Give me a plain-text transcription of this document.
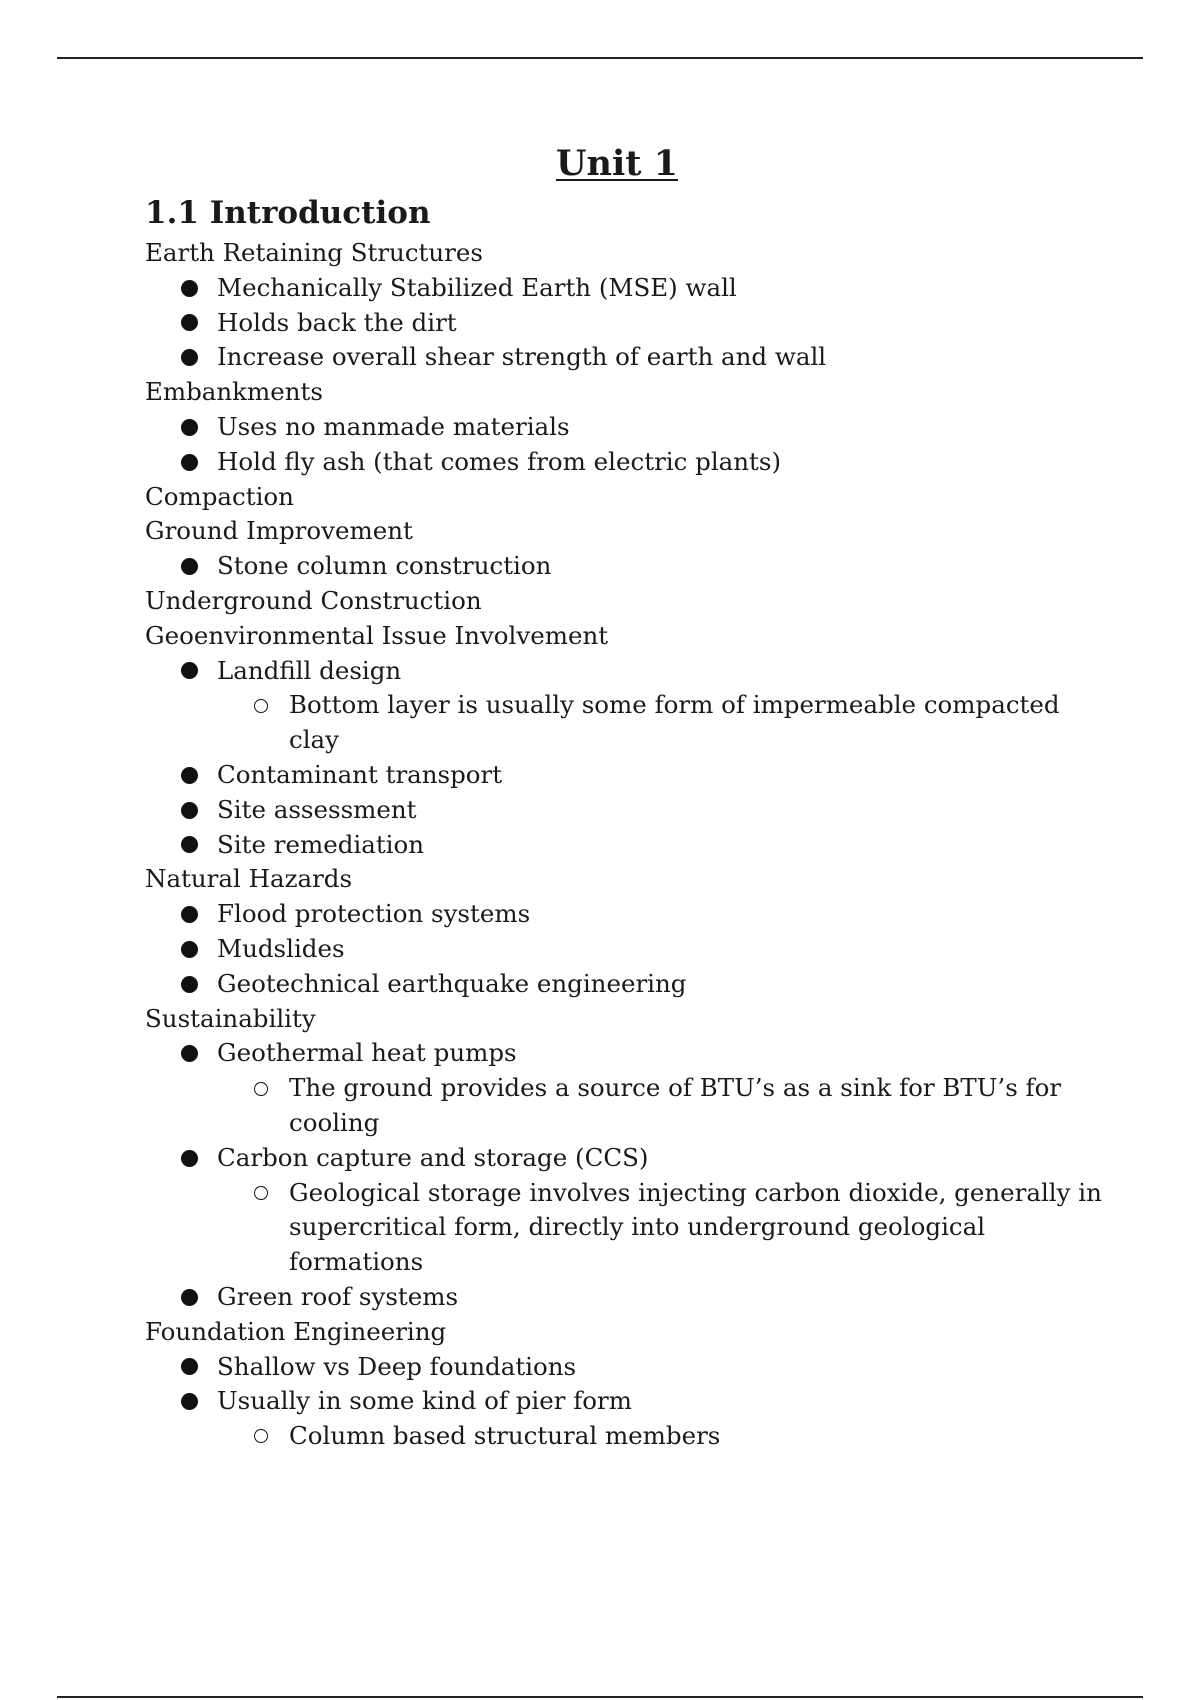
Unit 1
1.1 Introduction

Earth Retaining Structures

Mechanically Stabilized Earth (MSE) wall
Holds back the dirt
Increase overall shear strength of earth and wall

Embankments

Uses no manmade materials
Hold fly ash (that comes from electric plants)

Compaction

Ground Improvement

Stone column construction

Underground Construction

Geoenvironmental Issue Involvement

Landfill design
Bottom layer is usually some form of impermeable compacted clay
Contaminant transport
Site assessment
Site remediation

Natural Hazards

Flood protection systems
Mudslides
Geotechnical earthquake engineering

Sustainability

Geothermal heat pumps
The ground provides a source of BTU’s as a sink for BTU’s for cooling
Carbon capture and storage (CCS)
Geological storage involves injecting carbon dioxide, generally in supercritical form, directly into underground geological formations
Green roof systems

Foundation Engineering

Shallow vs Deep foundations
Usually in some kind of pier form
Column based structural members
